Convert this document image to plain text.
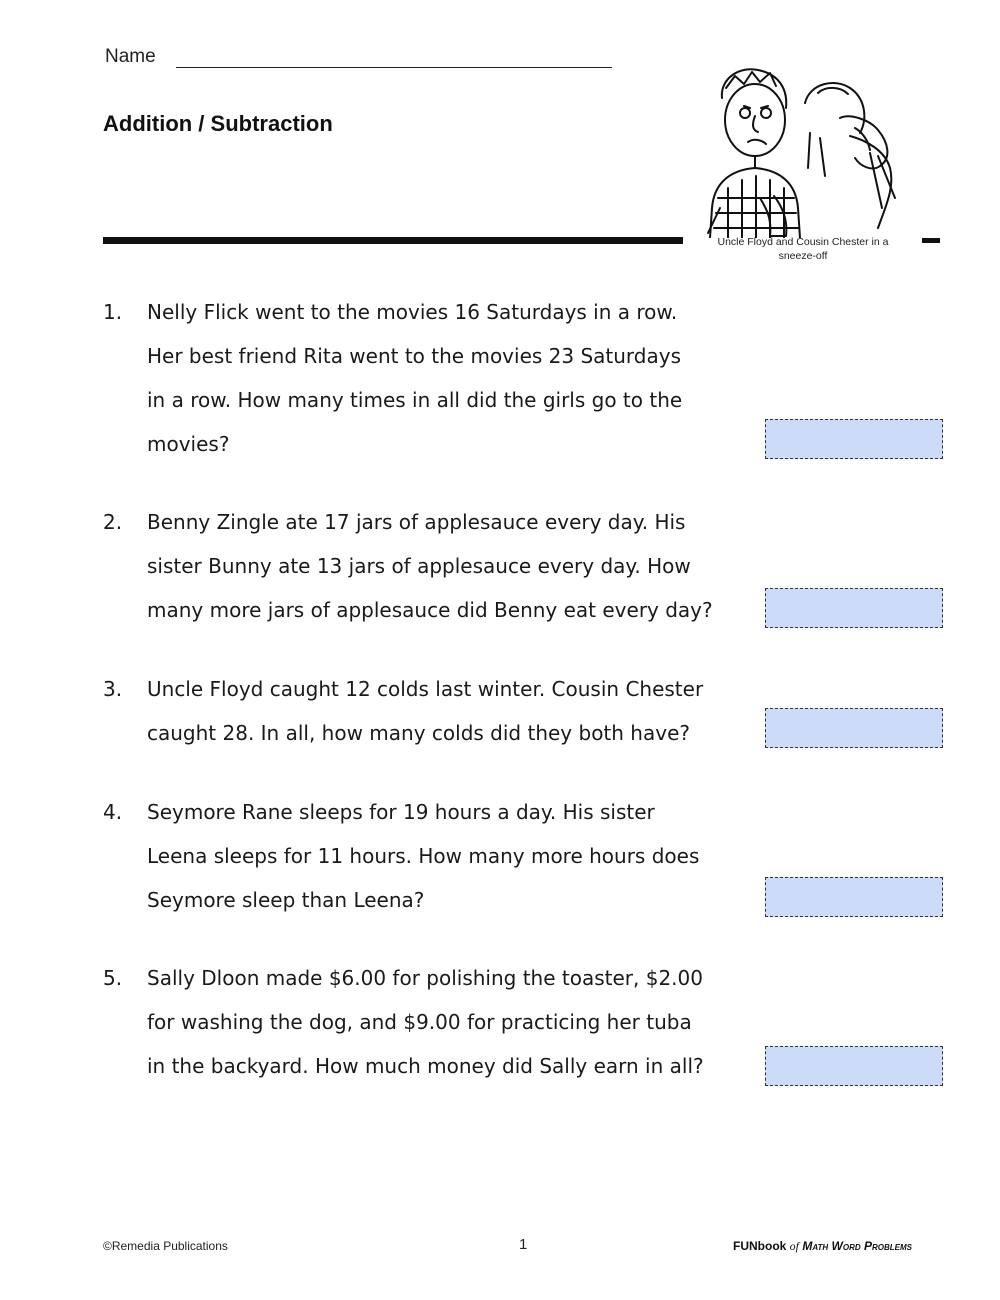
Name
Addition / Subtraction
Uncle Floyd and Cousin Chester in a sneeze-off
1. Nelly Flick went to the movies 16 Saturdays in a row.
Her best friend Rita went to the movies 23 Saturdays
in a row. How many times in all did the girls go to the
movies?
2. Benny Zingle ate 17 jars of applesauce every day. His
sister Bunny ate 13 jars of applesauce every day. How
many more jars of applesauce did Benny eat every day?
3. Uncle Floyd caught 12 colds last winter. Cousin Chester
caught 28. In all, how many colds did they both have?
4. Seymore Rane sleeps for 19 hours a day. His sister
Leena sleeps for 11 hours. How many more hours does
Seymore sleep than Leena?
5. Sally Dloon made $6.00 for polishing the toaster, $2.00
for washing the dog, and $9.00 for practicing her tuba
in the backyard. How much money did Sally earn in all?
©Remedia Publications	1	FUNbook of Math Word Problems
